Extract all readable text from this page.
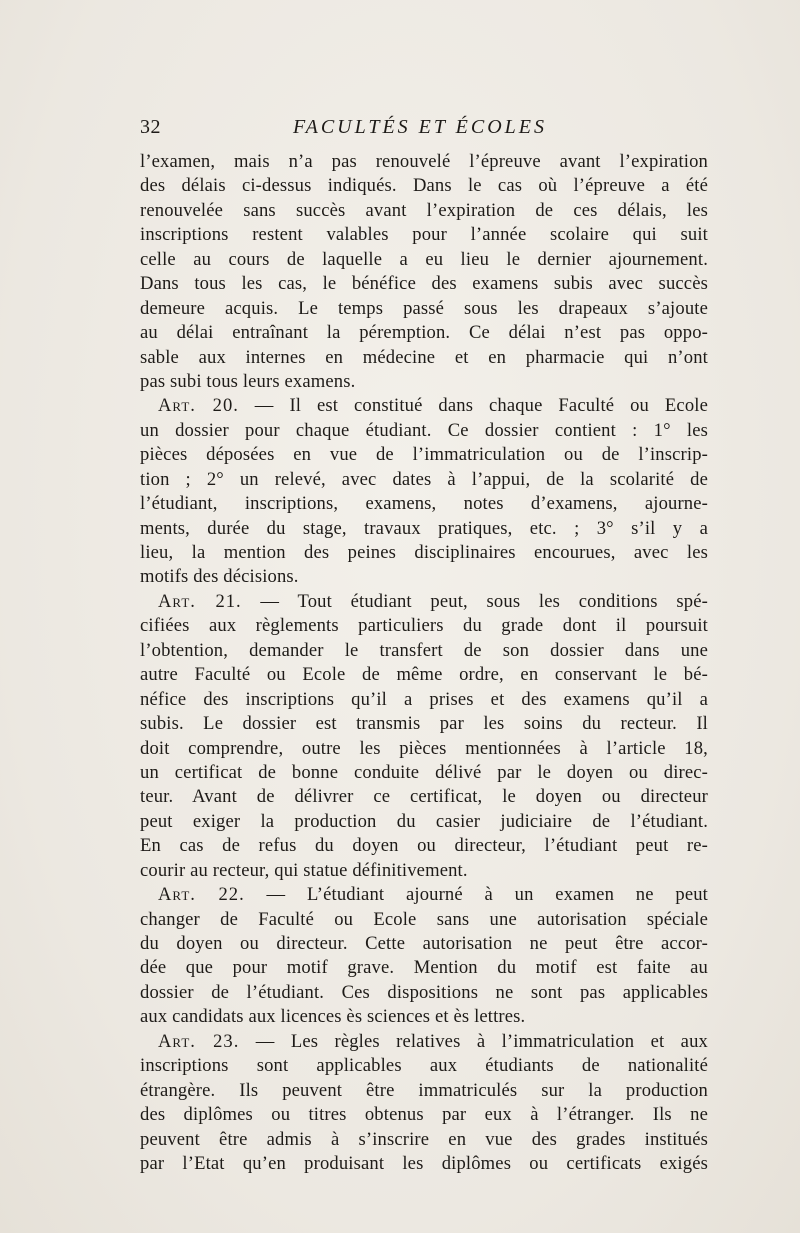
32	FACULTÉS ET ÉCOLES
l’examen, mais n’a pas renouvelé l’épreuve avant l’expiration
des délais ci-dessus indiqués. Dans le cas où l’épreuve a été
renouvelée sans succès avant l’expiration de ces délais, les
inscriptions restent valables pour l’année scolaire qui suit
celle au cours de laquelle a eu lieu le dernier ajournement.
Dans tous les cas, le bénéfice des examens subis avec succès
demeure acquis. Le temps passé sous les drapeaux s’ajoute
au délai entraînant la péremption. Ce délai n’est pas oppo-
sable aux internes en médecine et en pharmacie qui n’ont
pas subi tous leurs examens.
Art. 20. — Il est constitué dans chaque Faculté ou Ecole
un dossier pour chaque étudiant. Ce dossier contient : 1° les
pièces déposées en vue de l’immatriculation ou de l’inscrip-
tion ; 2° un relevé, avec dates à l’appui, de la scolarité de
l’étudiant, inscriptions, examens, notes d’examens, ajourne-
ments, durée du stage, travaux pratiques, etc. ; 3° s’il y a
lieu, la mention des peines disciplinaires encourues, avec les
motifs des décisions.
Art. 21. — Tout étudiant peut, sous les conditions spé-
cifiées aux règlements particuliers du grade dont il poursuit
l’obtention, demander le transfert de son dossier dans une
autre Faculté ou Ecole de même ordre, en conservant le bé-
néfice des inscriptions qu’il a prises et des examens qu’il a
subis. Le dossier est transmis par les soins du recteur. Il
doit comprendre, outre les pièces mentionnées à l’article 18,
un certificat de bonne conduite délivé par le doyen ou direc-
teur. Avant de délivrer ce certificat, le doyen ou directeur
peut exiger la production du casier judiciaire de l’étudiant.
En cas de refus du doyen ou directeur, l’étudiant peut re-
courir au recteur, qui statue définitivement.
Art. 22. — L’étudiant ajourné à un examen ne peut
changer de Faculté ou Ecole sans une autorisation spéciale
du doyen ou directeur. Cette autorisation ne peut être accor-
dée que pour motif grave. Mention du motif est faite au
dossier de l’étudiant. Ces dispositions ne sont pas applicables
aux candidats aux licences ès sciences et ès lettres.
Art. 23. — Les règles relatives à l’immatriculation et aux
inscriptions sont applicables aux étudiants de nationalité
étrangère. Ils peuvent être immatriculés sur la production
des diplômes ou titres obtenus par eux à l’étranger. Ils ne
peuvent être admis à s’inscrire en vue des grades institués
par l’Etat qu’en produisant les diplômes ou certificats exigés
